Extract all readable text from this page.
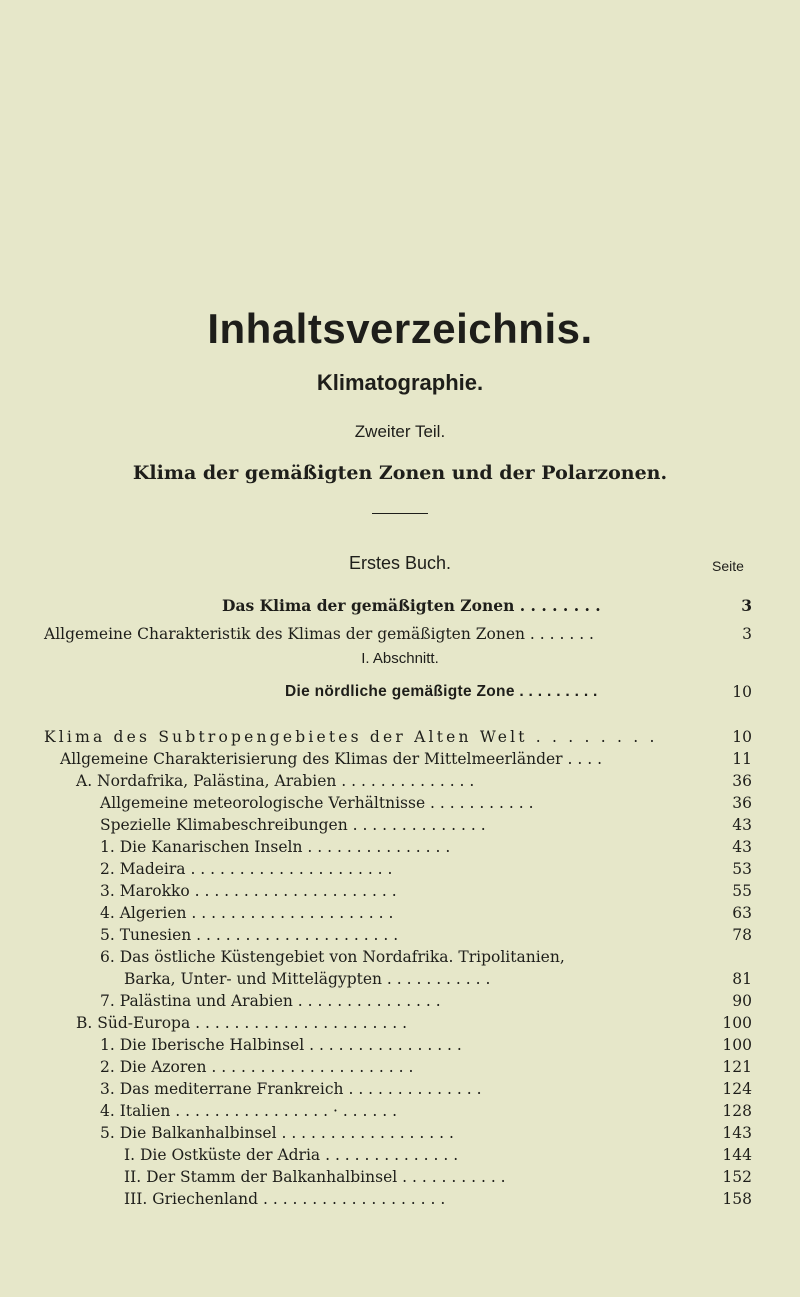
Inhaltsverzeichnis.
Klimatographie.
Zweiter Teil.
Klima der gemäßigten Zonen und der Polarzonen.
Erstes Buch.	Seite
I. Abschnitt.
Das Klima der gemäßigten Zonen . . . . . . . .	3
Allgemeine Charakteristik des Klimas der gemäßigten Zonen . . . . . . .	3
Die nördliche gemäßigte Zone . . . . . . . . .	10
Klima des Subtropengebietes der Alten Welt . . . . . . . .	10
Allgemeine Charakterisierung des Klimas der Mittelmeerländer . . . .	11
A. Nordafrika, Palästina, Arabien . . . . . . . . . . . . . .	36
Allgemeine meteorologische Verhältnisse . . . . . . . . . . .	36
Spezielle Klimabeschreibungen . . . . . . . . . . . . . .	43
1. Die Kanarischen Inseln . . . . . . . . . . . . . . .	43
2. Madeira . . . . . . . . . . . . . . . . . . . . .	53
3. Marokko . . . . . . . . . . . . . . . . . . . . .	55
4. Algerien . . . . . . . . . . . . . . . . . . . . .	63
5. Tunesien . . . . . . . . . . . . . . . . . . . . .	78
6. Das östliche Küstengebiet von Nordafrika. Tripolitanien,
Barka, Unter- und Mittelägypten . . . . . . . . . . .	81
7. Palästina und Arabien . . . . . . . . . . . . . . .	90
B. Süd-Europa . . . . . . . . . . . . . . . . . . . . . .	100
1. Die Iberische Halbinsel . . . . . . . . . . . . . . . .	100
2. Die Azoren . . . . . . . . . . . . . . . . . . . . .	121
3. Das mediterrane Frankreich . . . . . . . . . . . . . .	124
4. Italien . . . . . . . . . . . . . . . . · . . . . . .	128
5. Die Balkanhalbinsel . . . . . . . . . . . . . . . . . .	143
I. Die Ostküste der Adria . . . . . . . . . . . . . .	144
II. Der Stamm der Balkanhalbinsel . . . . . . . . . . .	152
III. Griechenland . . . . . . . . . . . . . . . . . . .	158
